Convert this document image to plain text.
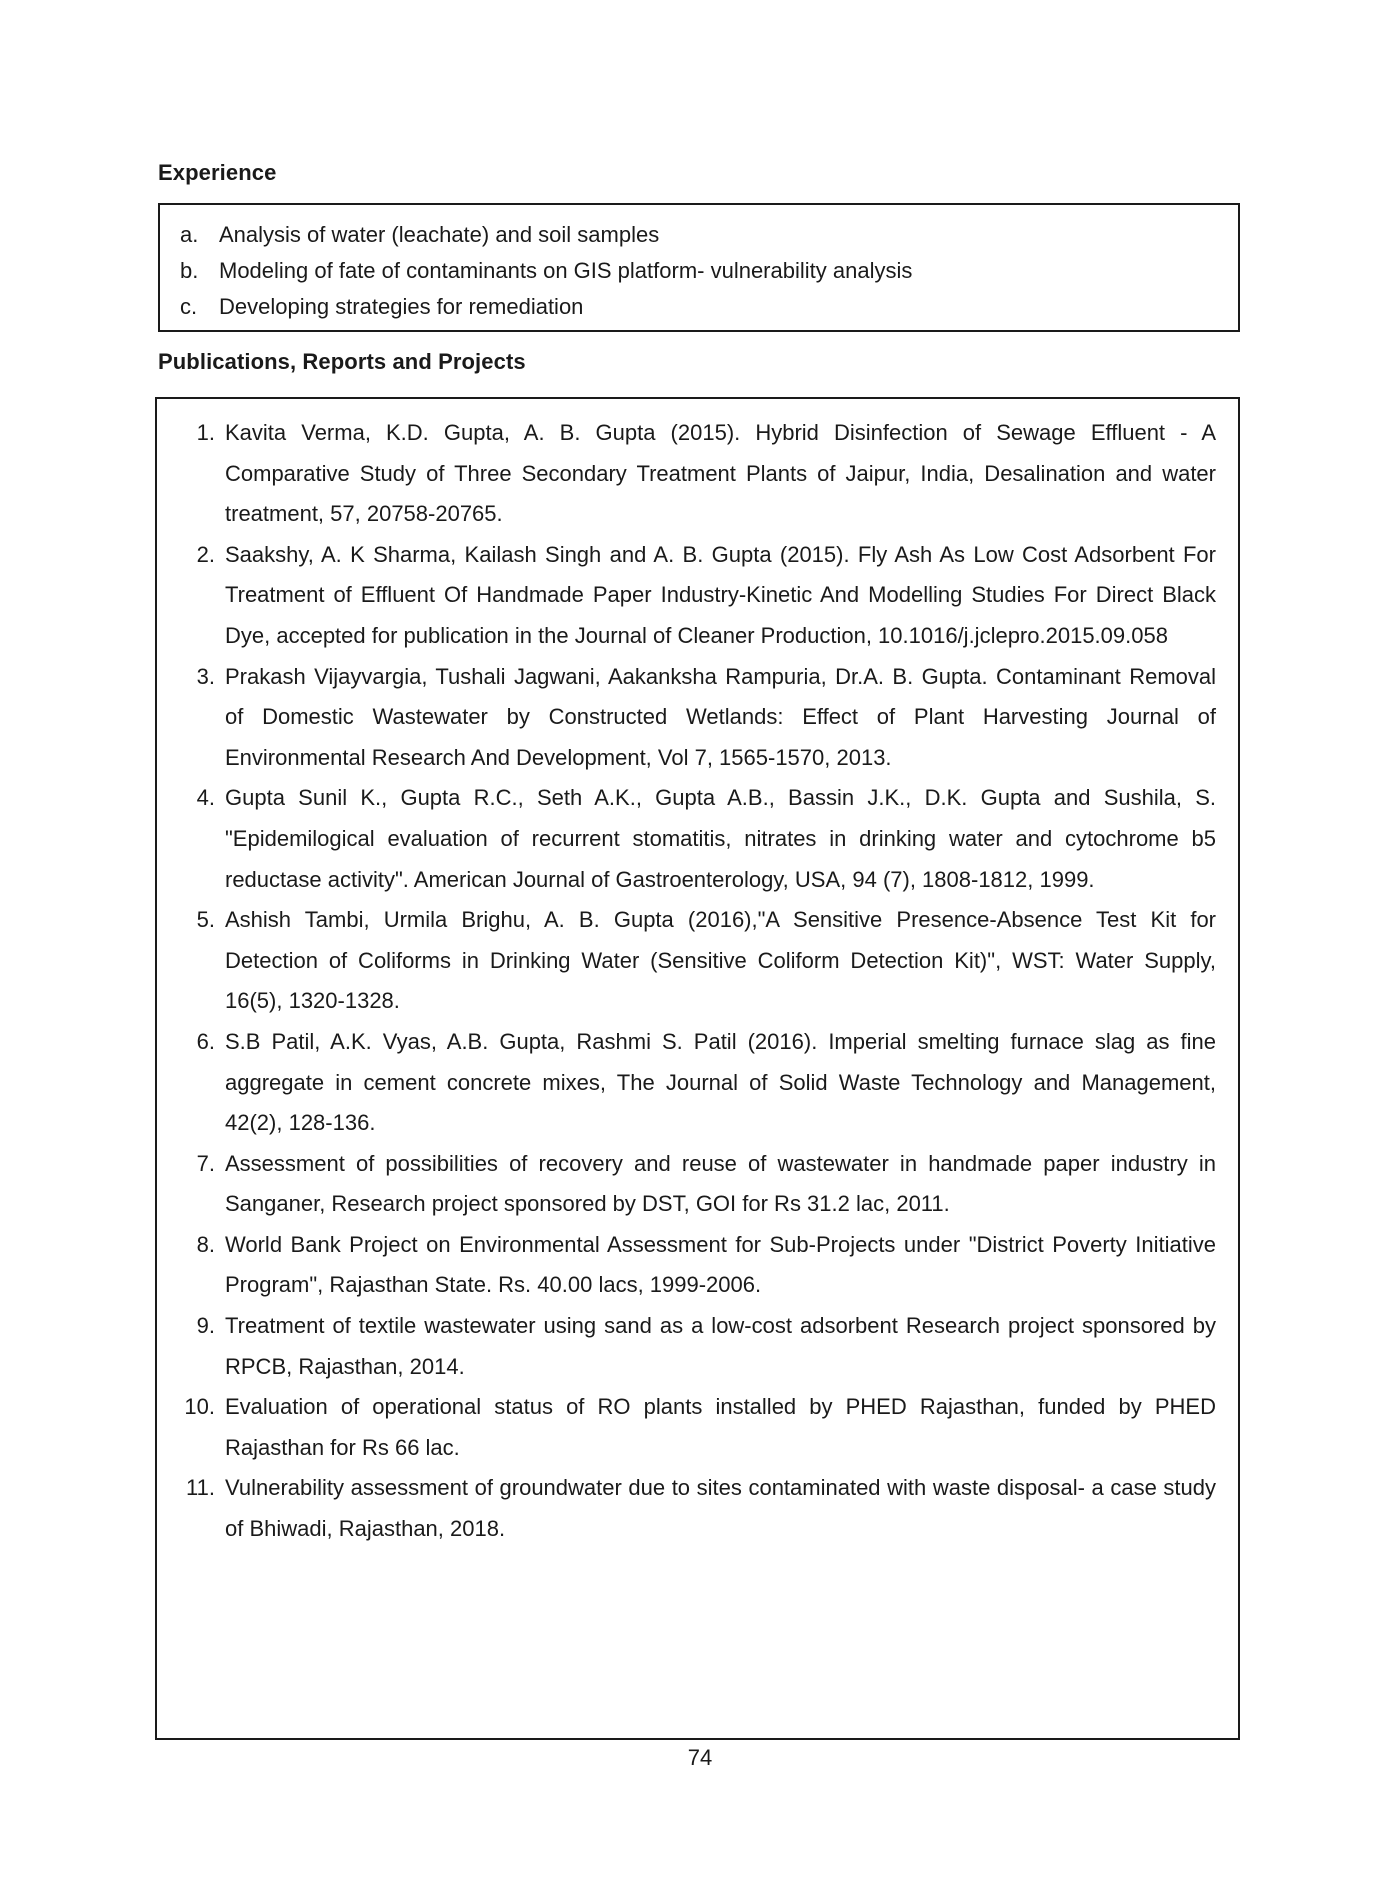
Experience
a. Analysis of water (leachate) and soil samples
b. Modeling of fate of contaminants on GIS platform- vulnerability analysis
c. Developing strategies for remediation
Publications, Reports and Projects
1. Kavita Verma, K.D. Gupta, A. B. Gupta (2015). Hybrid Disinfection of Sewage Effluent - A Comparative Study of Three Secondary Treatment Plants of Jaipur, India, Desalination and water treatment, 57, 20758-20765.
2. Saakshy, A. K Sharma, Kailash Singh and A. B. Gupta (2015). Fly Ash As Low Cost Adsorbent For Treatment of Effluent Of Handmade Paper Industry-Kinetic And Modelling Studies For Direct Black Dye, accepted for publication in the Journal of Cleaner Production, 10.1016/j.jclepro.2015.09.058
3. Prakash Vijayvargia, Tushali Jagwani, Aakanksha Rampuria, Dr.A. B. Gupta. Contaminant Removal of Domestic Wastewater by Constructed Wetlands: Effect of Plant Harvesting Journal of Environmental Research And Development, Vol 7, 1565-1570, 2013.
4. Gupta Sunil K., Gupta R.C., Seth A.K., Gupta A.B., Bassin J.K., D.K. Gupta and Sushila, S. "Epidemilogical evaluation of recurrent stomatitis, nitrates in drinking water and cytochrome b5 reductase activity". American Journal of Gastroenterology, USA, 94 (7), 1808-1812, 1999.
5. Ashish Tambi, Urmila Brighu, A. B. Gupta (2016),"A Sensitive Presence-Absence Test Kit for Detection of Coliforms in Drinking Water (Sensitive Coliform Detection Kit)", WST: Water Supply, 16(5), 1320-1328.
6. S.B Patil, A.K. Vyas, A.B. Gupta, Rashmi S. Patil (2016). Imperial smelting furnace slag as fine aggregate in cement concrete mixes, The Journal of Solid Waste Technology and Management, 42(2), 128-136.
7. Assessment of possibilities of recovery and reuse of wastewater in handmade paper industry in Sanganer, Research project sponsored by DST, GOI for Rs 31.2 lac, 2011.
8. World Bank Project on Environmental Assessment for Sub-Projects under "District Poverty Initiative Program", Rajasthan State. Rs. 40.00 lacs, 1999-2006.
9. Treatment of textile wastewater using sand as a low-cost adsorbent Research project sponsored by RPCB, Rajasthan, 2014.
10. Evaluation of operational status of RO plants installed by PHED Rajasthan, funded by PHED Rajasthan for Rs 66 lac.
11. Vulnerability assessment of groundwater due to sites contaminated with waste disposal- a case study of Bhiwadi, Rajasthan, 2018.
74
